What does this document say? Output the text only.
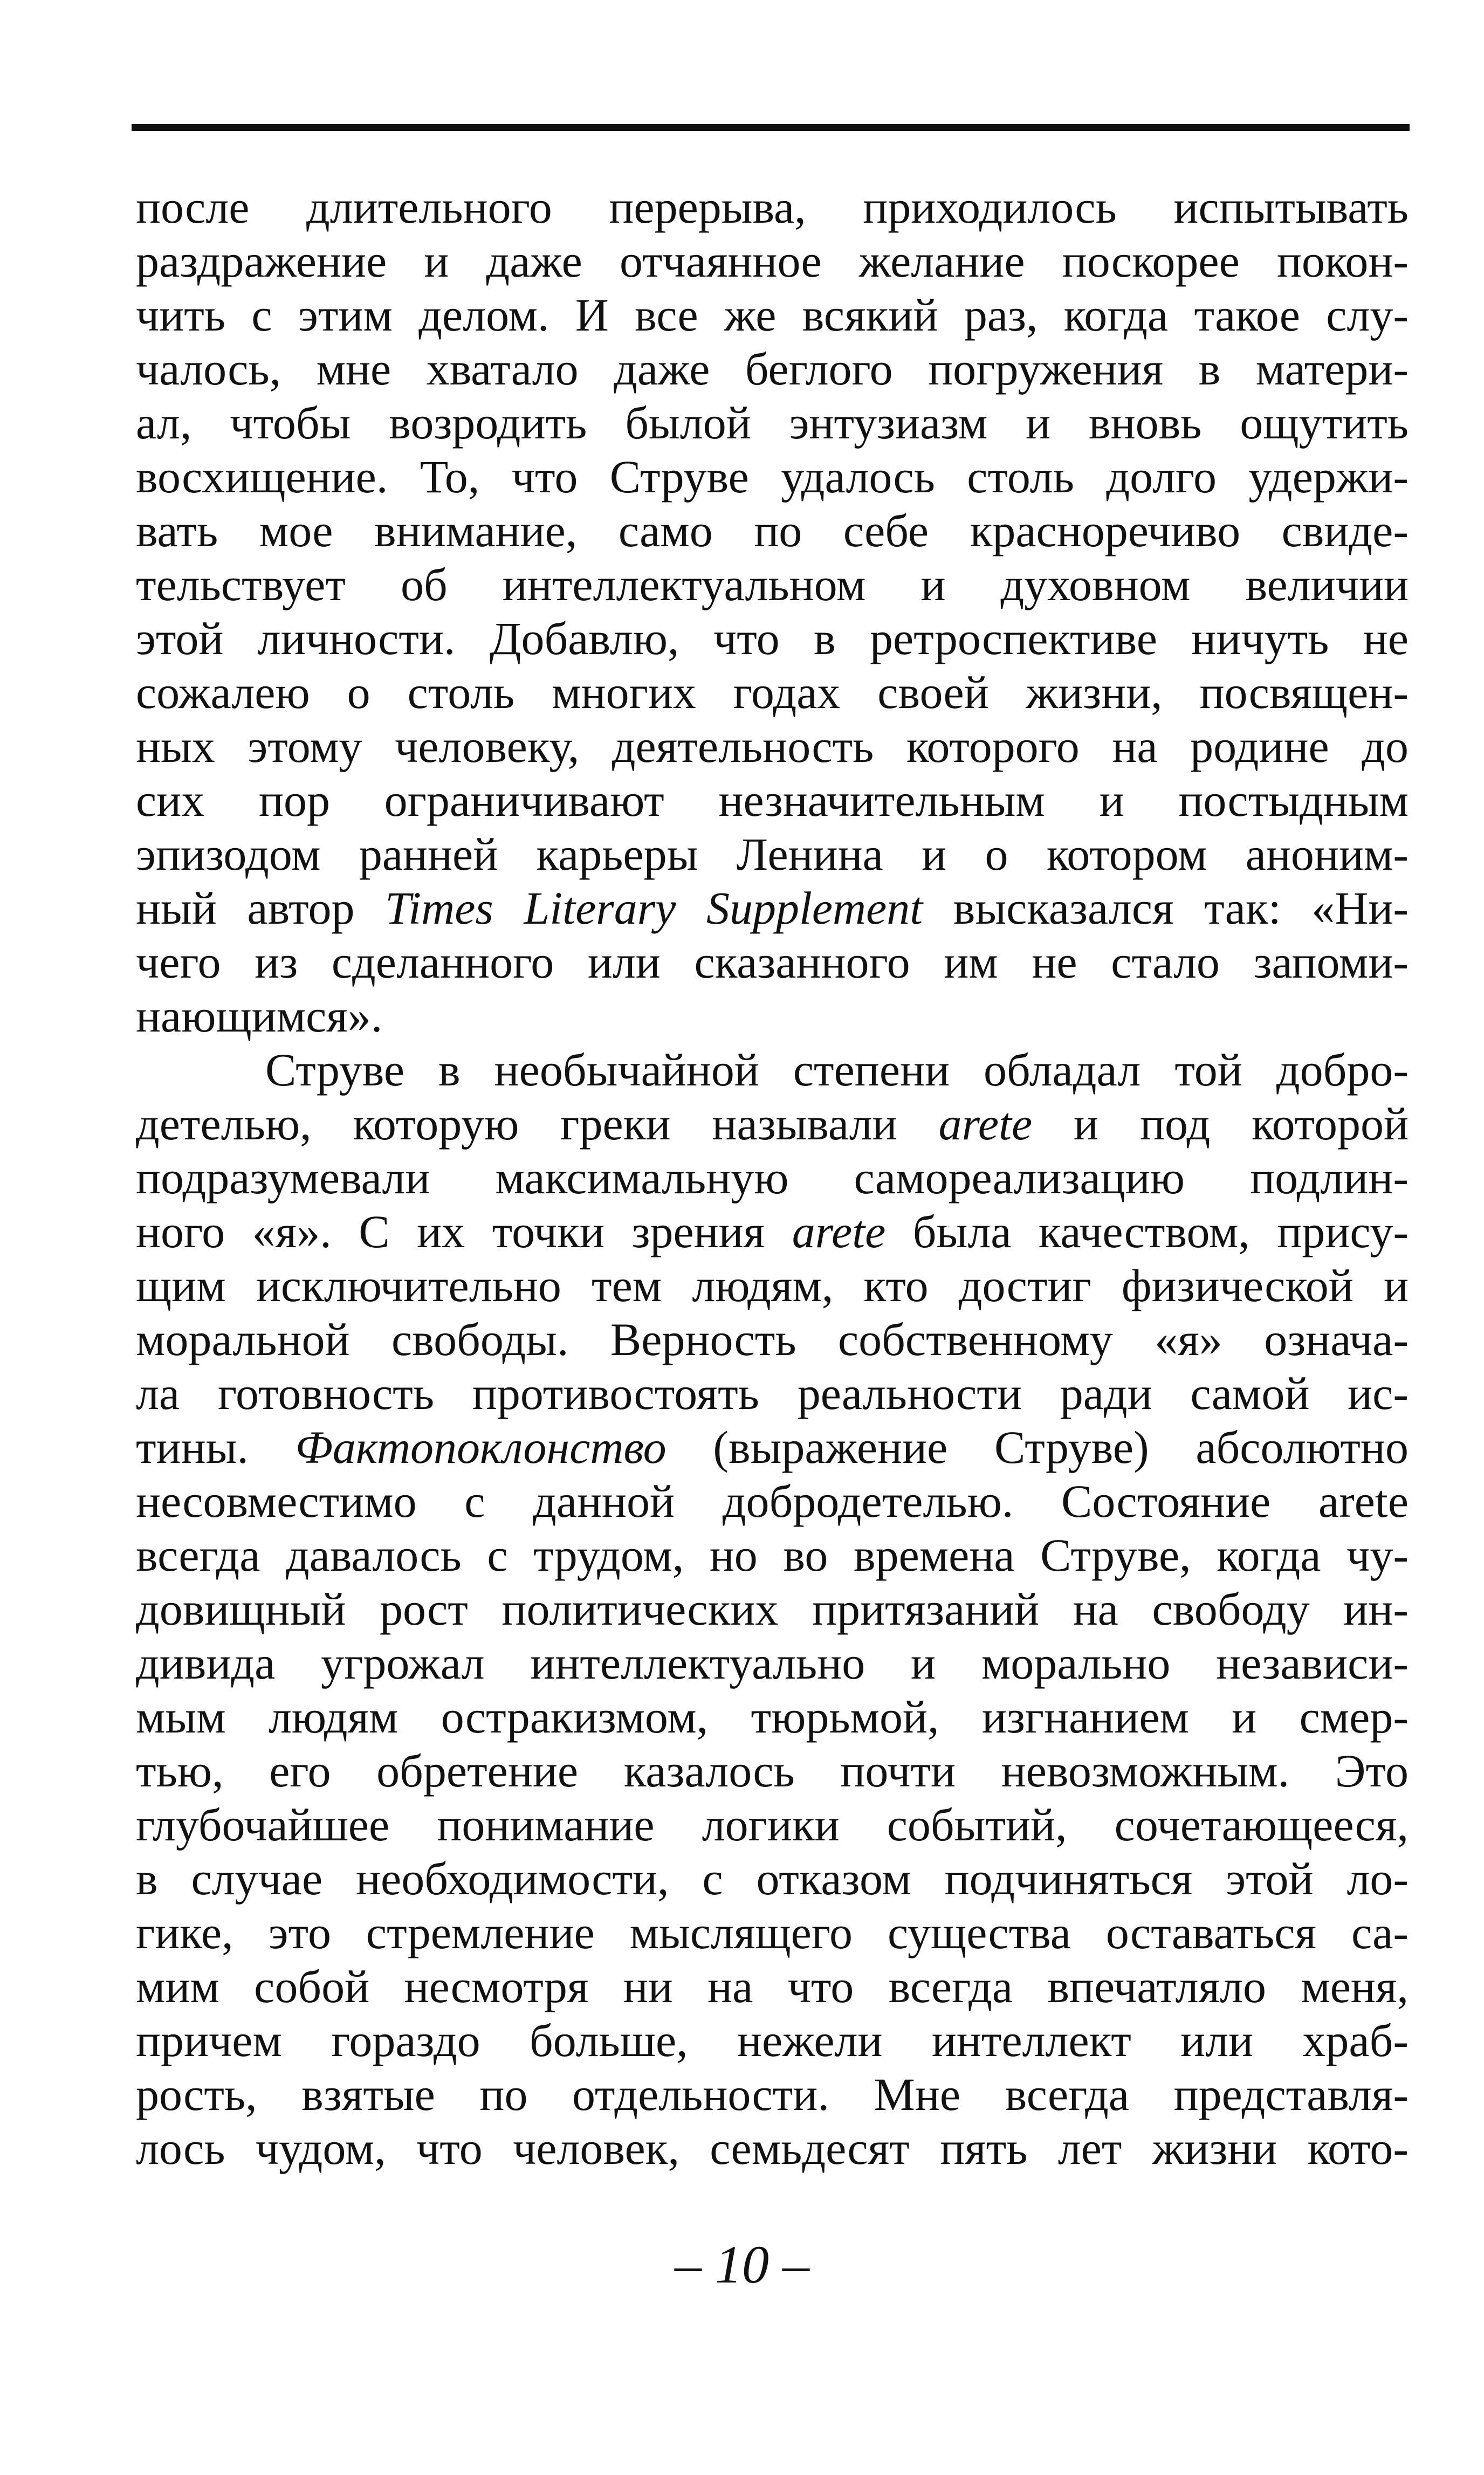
после длительного перерыва, приходилось испытывать
раздражение и даже отчаянное желание поскорее покон-
чить с этим делом. И все же всякий раз, когда такое слу-
чалось, мне хватало даже беглого погружения в матери-
ал, чтобы возродить былой энтузиазм и вновь ощутить
восхищение. То, что Струве удалось столь долго удержи-
вать мое внимание, само по себе красноречиво свиде-
тельствует об интеллектуальном и духовном величии
этой личности. Добавлю, что в ретроспективе ничуть не
сожалею о столь многих годах своей жизни, посвящен-
ных этому человеку, деятельность которого на родине до
сих пор ограничивают незначительным и постыдным
эпизодом ранней карьеры Ленина и о котором аноним-
ный автор Times Literary Supplement высказался так: «Ни-
чего из сделанного или сказанного им не стало запоми-
нающимся».
Струве в необычайной степени обладал той добро-
детелью, которую греки называли arete и под которой
подразумевали максимальную самореализацию подлин-
ного «я». С их точки зрения arete была качеством, прису-
щим исключительно тем людям, кто достиг физической и
моральной свободы. Верность собственному «я» означа-
ла готовность противостоять реальности ради самой ис-
тины. Фактопоклонство (выражение Струве) абсолютно
несовместимо с данной добродетелью. Состояние arete
всегда давалось с трудом, но во времена Струве, когда чу-
довищный рост политических притязаний на свободу ин-
дивида угрожал интеллектуально и морально независи-
мым людям остракизмом, тюрьмой, изгнанием и смер-
тью, его обретение казалось почти невозможным. Это
глубочайшее понимание логики событий, сочетающееся,
в случае необходимости, с отказом подчиняться этой ло-
гике, это стремление мыслящего существа оставаться са-
мим собой несмотря ни на что всегда впечатляло меня,
причем гораздо больше, нежели интеллект или храб-
рость, взятые по отдельности. Мне всегда представля-
лось чудом, что человек, семьдесят пять лет жизни кото-
– 10 –
